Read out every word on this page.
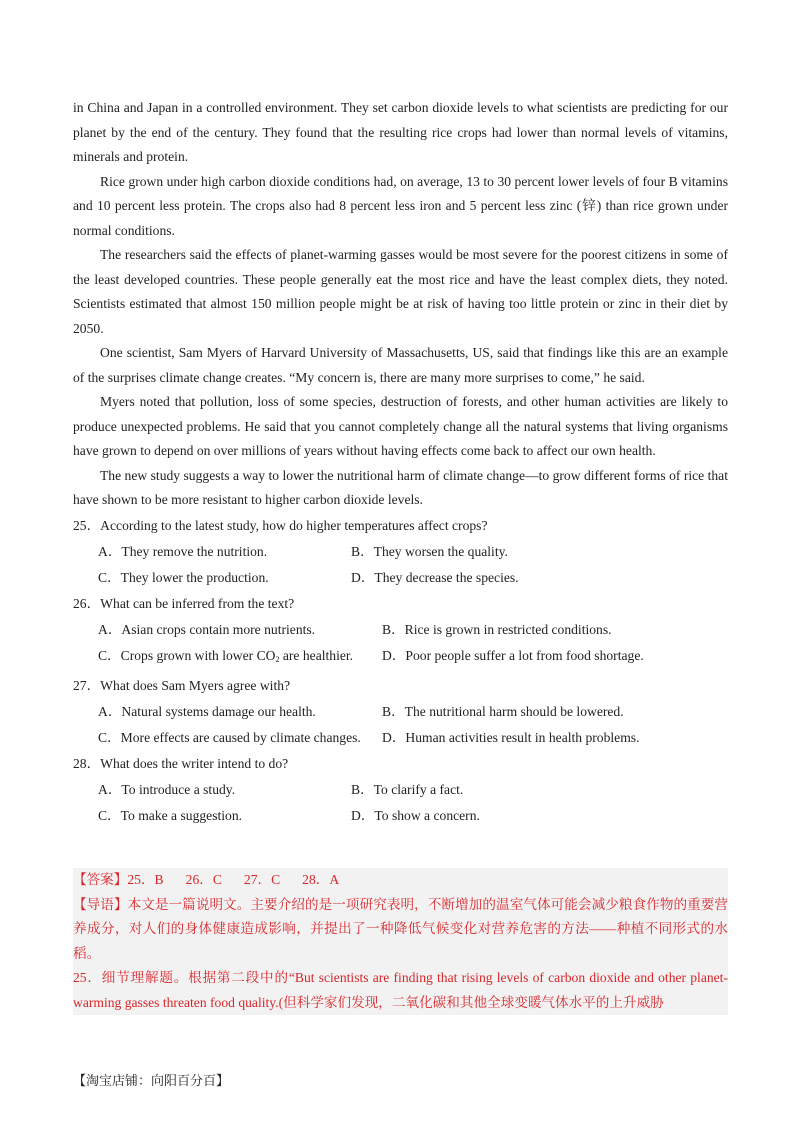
in China and Japan in a controlled environment. They set carbon dioxide levels to what scientists are predicting for our planet by the end of the century. They found that the resulting rice crops had lower than normal levels of vitamins, minerals and protein.

Rice grown under high carbon dioxide conditions had, on average, 13 to 30 percent lower levels of four B vitamins and 10 percent less protein. The crops also had 8 percent less iron and 5 percent less zinc (锌) than rice grown under normal conditions.

The researchers said the effects of planet-warming gasses would be most severe for the poorest citizens in some of the least developed countries. These people generally eat the most rice and have the least complex diets, they noted. Scientists estimated that almost 150 million people might be at risk of having too little protein or zinc in their diet by 2050.

One scientist, Sam Myers of Harvard University of Massachusetts, US, said that findings like this are an example of the surprises climate change creates. “My concern is, there are many more surprises to come,” he said.

Myers noted that pollution, loss of some species, destruction of forests, and other human activities are likely to produce unexpected problems. He said that you cannot completely change all the natural systems that living organisms have grown to depend on over millions of years without having effects come back to affect our own health.

The new study suggests a way to lower the nutritional harm of climate change—to grow different forms of rice that have shown to be more resistant to higher carbon dioxide levels.

25．According to the latest study, how do higher temperatures affect crops?

A．They remove the nutrition.	B．They worsen the quality.
C．They lower the production.	D．They decrease the species.

26．What can be inferred from the text?

A．Asian crops contain more nutrients.	B．Rice is grown in restricted conditions.
C．Crops grown with lower $CO_2$ are healthier.	D．Poor people suffer a lot from food shortage.

27．What does Sam Myers agree with?

A．Natural systems damage our health.	B．The nutritional harm should be lowered.
C．More effects are caused by climate changes.	D．Human activities result in health problems.

28．What does the writer intend to do?

A．To introduce a study.	B．To clarify a fact.
C．To make a suggestion.	D．To show a concern.

【答案】25．B 26．C 27．C 28．A

【导语】本文是一篇说明文。主要介绍的是一项研究表明，不断增加的温室气体可能会减少粮食作物的重要营养成分，对人们的身体健康造成影响，并提出了一种降低气候变化对营养危害的方法——种植不同形式的水稻。

25．细节理解题。根据第二段中的“But scientists are finding that rising levels of carbon dioxide and other planet-warming gasses threaten food quality.(但科学家们发现，二氧化碳和其他全球变暖气体水平的上升威胁

【淘宝店铺：向阳百分百】
